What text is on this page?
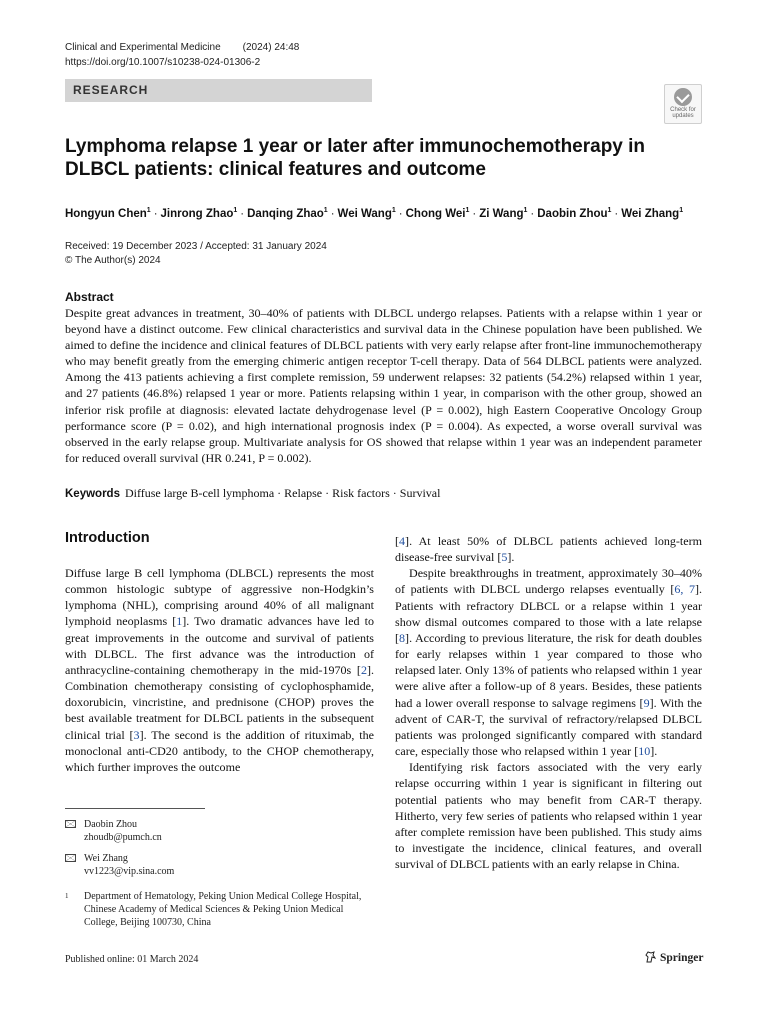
Clinical and Experimental Medicine (2024) 24:48
https://doi.org/10.1007/s10238-024-01306-2
RESEARCH
Check for
updates
Lymphoma relapse 1 year or later after immunochemotherapy in DLBCL patients: clinical features and outcome
Hongyun Chen$^1$ · Jinrong Zhao$^1$ · Danqing Zhao$^1$ · Wei Wang$^1$ · Chong Wei$^1$ · Zi Wang$^1$ · Daobin Zhou$^1$ · Wei Zhang$^1$
Received: 19 December 2023 / Accepted: 31 January 2024
© The Author(s) 2024
Abstract
Despite great advances in treatment, 30–40% of patients with DLBCL undergo relapses. Patients with a relapse within 1 year or beyond have a distinct outcome. Few clinical characteristics and survival data in the Chinese population have been published. We aimed to define the incidence and clinical features of DLBCL patients with very early relapse after front-line immunochemotherapy who may benefit greatly from the emerging chimeric antigen receptor T-cell therapy. Data of 564 DLBCL patients were analyzed. Among the 413 patients achieving a first complete remission, 59 underwent relapses: 32 patients (54.2%) relapsed within 1 year, and 27 patients (46.8%) relapsed 1 year or more. Patients relapsing within 1 year, in comparison with the other group, showed an inferior risk profile at diagnosis: elevated lactate dehydrogenase level (P = 0.002), high Eastern Cooperative Oncology Group performance score (P = 0.02), and high international prognosis index (P = 0.004). As expected, a worse overall survival was observed in the early relapse group. Multivariate analysis for OS showed that relapse within 1 year was an independent parameter for reduced overall survival (HR 0.241, P = 0.002).
Keywords Diffuse large B-cell lymphoma · Relapse · Risk factors · Survival
Introduction

Diffuse large B cell lymphoma (DLBCL) represents the most common histologic subtype of aggressive non-Hodgkin’s lymphoma (NHL), comprising around 40% of all malignant lymphoid neoplasms [1]. Two dramatic advances have led to great improvements in the outcome and survival of patients with DLBCL. The first advance was the introduction of anthracycline-containing chemotherapy in the mid-1970s [2]. Combination chemotherapy consisting of cyclophosphamide, doxorubicin, vincristine, and prednisone (CHOP) proves the best available treatment for DLBCL patients in the subsequent clinical trial [3]. The second is the addition of rituximab, the monoclonal anti-CD20 antibody, to the CHOP chemotherapy, which further improves the outcome

[4]. At least 50% of DLBCL patients achieved long-term disease-free survival [5].

Despite breakthroughs in treatment, approximately 30–40% of patients with DLBCL undergo relapses eventually [6, 7]. Patients with refractory DLBCL or a relapse within 1 year show dismal outcomes compared to those with a late relapse [8]. According to previous literature, the risk for death doubles for early relapses within 1 year compared to those who relapsed later. Only 13% of patients who relapsed within 1 year were alive after a follow-up of 8 years. Besides, these patients had a lower overall response to salvage regimens [9]. With the advent of CAR-T, the survival of refractory/relapsed DLBCL patients was prolonged significantly compared with standard care, especially those who relapsed within 1 year [10].

Identifying risk factors associated with the very early relapse occurring within 1 year is significant in filtering out potential patients who may benefit from CAR-T therapy. Hitherto, very few series of patients who relapsed within 1 year after complete remission have been published. This study aims to investigate the incidence, clinical features, and overall survival of DLBCL patients with an early relapse in China.

Daobin Zhou
zhoudb@pumch.cn
Wei Zhang
vv1223@vip.sina.com
$^1$	Department of Hematology, Peking Union Medical College Hospital, Chinese Academy of Medical Sciences & Peking Union Medical College, Beijing 100730, China
Published online: 01 March 2024	Springer
